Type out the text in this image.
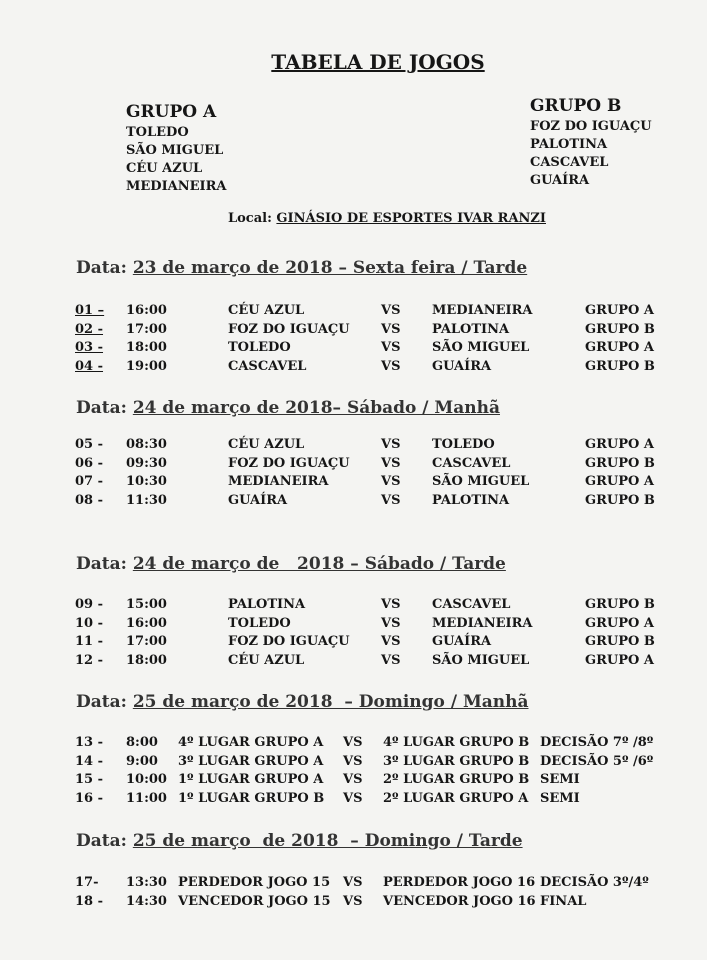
TABELA DE JOGOS
GRUPO A
TOLEDO
SÃO MIGUEL
CÉU AZUL
MEDIANEIRA
GRUPO B
FOZ DO IGUAÇU
PALOTINA
CASCAVEL
GUAÍRA
Local: GINÁSIO DE ESPORTES IVAR RANZI
Data: 23 de março de 2018 – Sexta feira / Tarde
01 – 16:00	CÉU AZUL	VS MEDIANEIRA	GRUPO A
02 - 17:00	FOZ DO IGUAÇU VS PALOTINA	GRUPO B
03 - 18:00	TOLEDO	VS SÃO MIGUEL	GRUPO A
04 - 19:00	CASCAVEL	VS GUAÍRA	GRUPO B
Data: 24 de março de 2018– Sábado / Manhã
05 - 08:30	CÉU AZUL	VS TOLEDO	GRUPO A
06 - 09:30	FOZ DO IGUAÇU VS CASCAVEL	GRUPO B
07 - 10:30	MEDIANEIRA	VS SÃO MIGUEL	GRUPO A
08 - 11:30	GUAÍRA	VS PALOTINA	GRUPO B
Data: 24 de março de   2018 – Sábado / Tarde
09 - 15:00	PALOTINA	VS CASCAVEL	GRUPO B
10 - 16:00	TOLEDO	VS MEDIANEIRA	GRUPO A
11 - 17:00	FOZ DO IGUAÇU VS GUAÍRA	GRUPO B
12 - 18:00	CÉU AZUL	VS SÃO MIGUEL	GRUPO A
Data: 25 de março de 2018  – Domingo / Manhã
13 - 8:00 4º LUGAR GRUPO A VS 4º LUGAR GRUPO B DECISÃO 7º /8º
14 - 9:00 3º LUGAR GRUPO A VS 3º LUGAR GRUPO B DECISÃO 5º /6º
15 - 10:00 1º LUGAR GRUPO A VS 2º LUGAR GRUPO B SEMI
16 - 11:00 1º LUGAR GRUPO B VS 2º LUGAR GRUPO A SEMI
Data: 25 de março  de 2018  – Domingo / Tarde
17- 13:30 PERDEDOR JOGO 15 VS PERDEDOR JOGO 16 DECISÃO 3º/4º
18 - 14:30 VENCEDOR JOGO 15 VS VENCEDOR JOGO 16 FINAL
